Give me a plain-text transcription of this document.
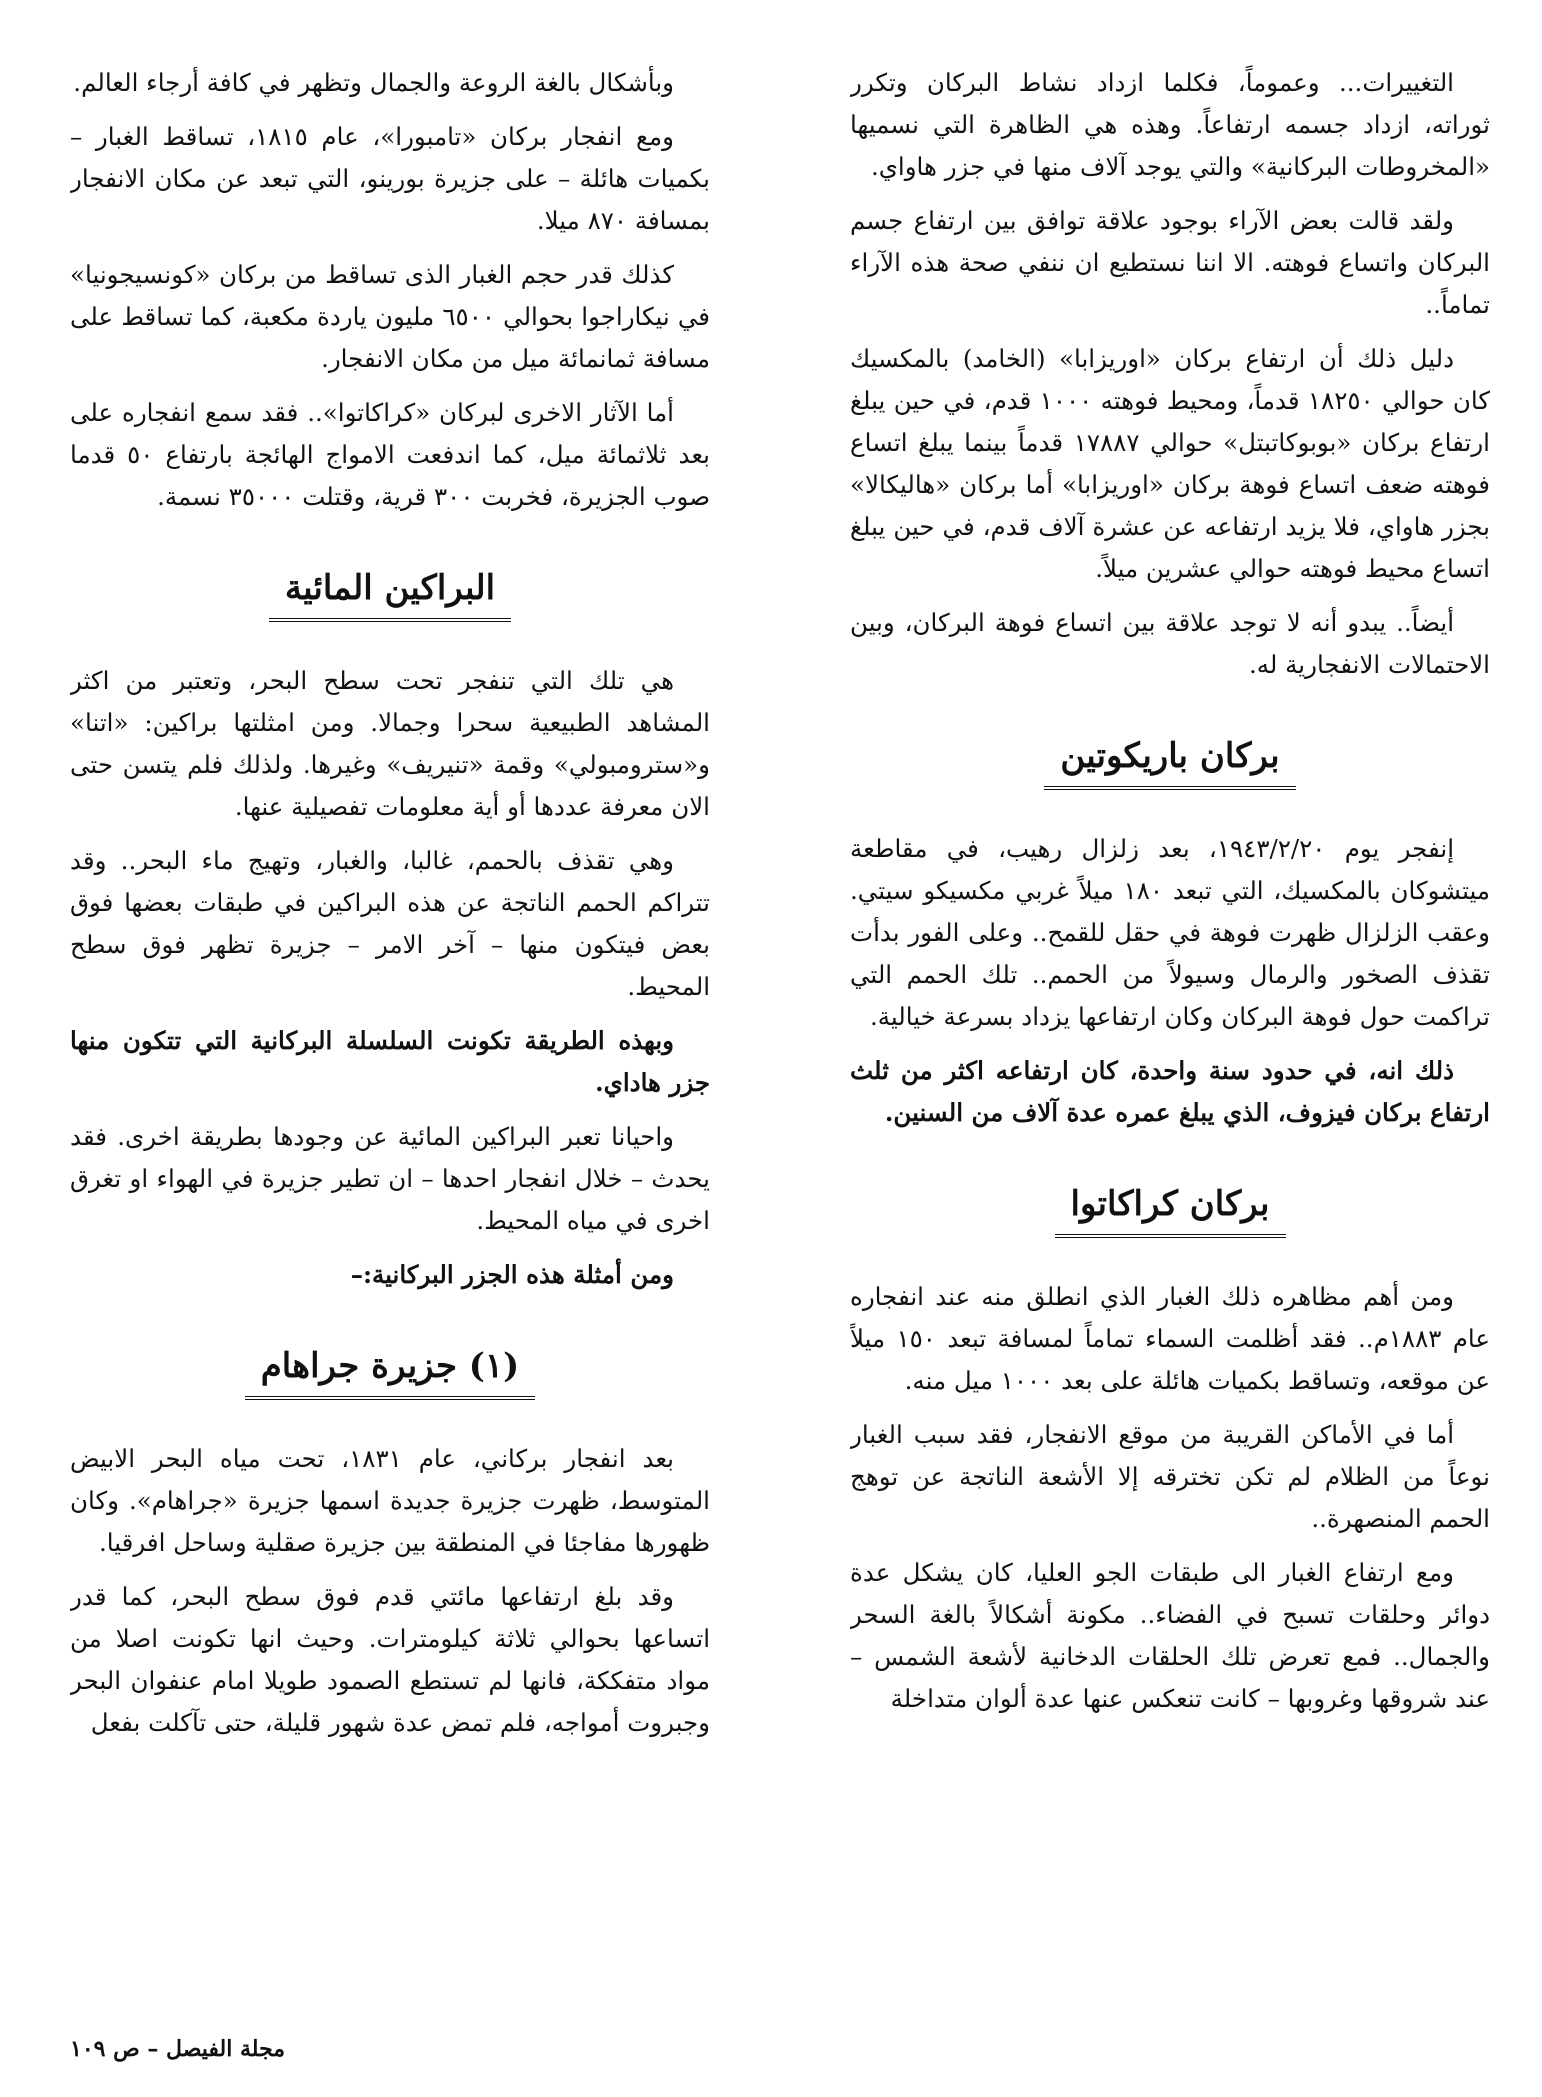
التغييرات... وعموماً، فكلما ازداد نشاط البركان وتكرر ثوراته، ازداد جسمه ارتفاعاً. وهذه هي الظاهرة التي نسميها «المخروطات البركانية» والتي يوجد آلاف منها في جزر هاواي.

ولقد قالت بعض الآراء بوجود علاقة توافق بين ارتفاع جسم البركان واتساع فوهته. الا اننا نستطيع ان ننفي صحة هذه الآراء تماماً..

دليل ذلك أن ارتفاع بركان «اوريزابا» (الخامد) بالمكسيك كان حوالي ١٨٢٥٠ قدماً، ومحيط فوهته ١٠٠٠ قدم، في حين يبلغ ارتفاع بركان «بوبوكاتبتل» حوالي ١٧٨٨٧ قدماً بينما يبلغ اتساع فوهته ضعف اتساع فوهة بركان «اوريزابا» أما بركان «هاليكالا» بجزر هاواي، فلا يزيد ارتفاعه عن عشرة آلاف قدم، في حين يبلغ اتساع محيط فوهته حوالي عشرين ميلاً.

أيضاً.. يبدو أنه لا توجد علاقة بين اتساع فوهة البركان، وبين الاحتمالات الانفجارية له.

بركان باريكوتين

إنفجر يوم ١٩٤٣/٢/٢٠، بعد زلزال رهيب، في مقاطعة ميتشوكان بالمكسيك، التي تبعد ١٨٠ ميلاً غربي مكسيكو سيتي. وعقب الزلزال ظهرت فوهة في حقل للقمح.. وعلى الفور بدأت تقذف الصخور والرمال وسيولاً من الحمم.. تلك الحمم التي تراكمت حول فوهة البركان وكان ارتفاعها يزداد بسرعة خيالية.

ذلك انه، في حدود سنة واحدة، كان ارتفاعه اكثر من ثلث ارتفاع بركان فيزوف، الذي يبلغ عمره عدة آلاف من السنين.

بركان كراكاتوا

ومن أهم مظاهره ذلك الغبار الذي انطلق منه عند انفجاره عام ١٨٨٣م.. فقد أظلمت السماء تماماً لمسافة تبعد ١٥٠ ميلاً عن موقعه، وتساقط بكميات هائلة على بعد ١٠٠٠ ميل منه.

أما في الأماكن القريبة من موقع الانفجار، فقد سبب الغبار نوعاً من الظلام لم تكن تخترقه إلا الأشعة الناتجة عن توهج الحمم المنصهرة..

ومع ارتفاع الغبار الى طبقات الجو العليا، كان يشكل عدة دوائر وحلقات تسبح في الفضاء.. مكونة أشكالاً بالغة السحر والجمال.. فمع تعرض تلك الحلقات الدخانية لأشعة الشمس – عند شروقها وغروبها – كانت تنعكس عنها عدة ألوان متداخلة

وبأشكال بالغة الروعة والجمال وتظهر في كافة أرجاء العالم.

ومع انفجار بركان «تامبورا»، عام ١٨١٥، تساقط الغبار – بكميات هائلة – على جزيرة بورينو، التي تبعد عن مكان الانفجار بمسافة ٨٧٠ ميلا.

كذلك قدر حجم الغبار الذى تساقط من بركان «كونسيجونيا» في نيكاراجوا بحوالي ٦٥٠٠ مليون ياردة مكعبة، كما تساقط على مسافة ثمانمائة ميل من مكان الانفجار.

أما الآثار الاخرى لبركان «كراكاتوا».. فقد سمع انفجاره على بعد ثلاثمائة ميل، كما اندفعت الامواج الهائجة بارتفاع ٥٠ قدما صوب الجزيرة، فخربت ٣٠٠ قرية، وقتلت ٣٥٠٠٠ نسمة.

البراكين المائية

هي تلك التي تنفجر تحت سطح البحر، وتعتبر من اكثر المشاهد الطبيعية سحرا وجمالا. ومن امثلتها براكين: «اتنا» و«سترومبولي» وقمة «تنيريف» وغيرها. ولذلك فلم يتسن حتى الان معرفة عددها أو أية معلومات تفصيلية عنها.

وهي تقذف بالحمم، غالبا، والغبار، وتهيج ماء البحر.. وقد تتراكم الحمم الناتجة عن هذه البراكين في طبقات بعضها فوق بعض فيتكون منها – آخر الامر – جزيرة تظهر فوق سطح المحيط.

وبهذه الطريقة تكونت السلسلة البركانية التي تتكون منها جزر هاداي.

واحيانا تعبر البراكين المائية عن وجودها بطريقة اخرى. فقد يحدث – خلال انفجار احدها – ان تطير جزيرة في الهواء او تغرق اخرى في مياه المحيط.

ومن أمثلة هذه الجزر البركانية:–

(١) جزيرة جراهام

بعد انفجار بركاني، عام ١٨٣١، تحت مياه البحر الابيض المتوسط، ظهرت جزيرة جديدة اسمها جزيرة «جراهام». وكان ظهورها مفاجئا في المنطقة بين جزيرة صقلية وساحل افرقيا.

وقد بلغ ارتفاعها مائتي قدم فوق سطح البحر، كما قدر اتساعها بحوالي ثلاثة كيلومترات. وحيث انها تكونت اصلا من مواد متفككة، فانها لم تستطع الصمود طويلا امام عنفوان البحر وجبروت أمواجه، فلم تمض عدة شهور قليلة، حتى تآكلت بفعل

مجلة الفيصل – ص ١٠٩
